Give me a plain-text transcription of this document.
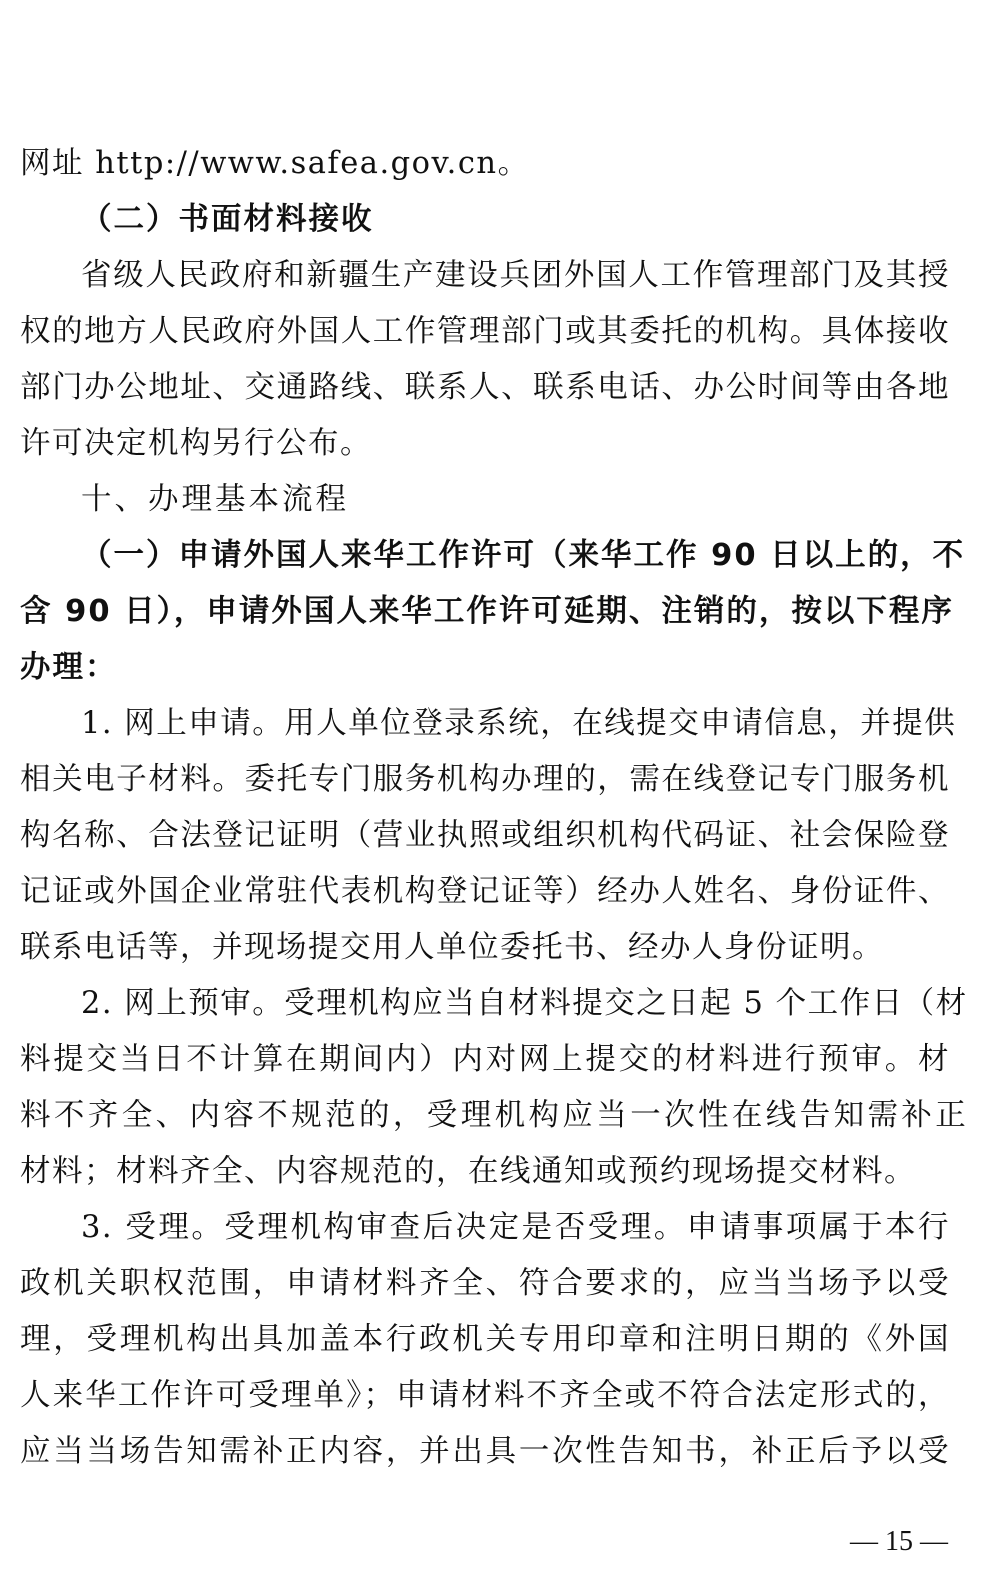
网址 http://www.safea.gov.cn。
（二）书面材料接收
省级人民政府和新疆生产建设兵团外国人工作管理部门及其授
权的地方人民政府外国人工作管理部门或其委托的机构。具体接收
部门办公地址、交通路线、联系人、联系电话、办公时间等由各地
许可决定机构另行公布。
十、办理基本流程
（一）申请外国人来华工作许可（来华工作 90 日以上的，不
含 90 日），申请外国人来华工作许可延期、注销的，按以下程序
办理：
1. 网上申请。用人单位登录系统，在线提交申请信息，并提供
相关电子材料。委托专门服务机构办理的，需在线登记专门服务机
构名称、合法登记证明（营业执照或组织机构代码证、社会保险登
记证或外国企业常驻代表机构登记证等）经办人姓名、身份证件、
联系电话等，并现场提交用人单位委托书、经办人身份证明。
2. 网上预审。受理机构应当自材料提交之日起 5 个工作日（材
料提交当日不计算在期间内）内对网上提交的材料进行预审。材
料不齐全、内容不规范的，受理机构应当一次性在线告知需补正
材料；材料齐全、内容规范的，在线通知或预约现场提交材料。
3. 受理。受理机构审查后决定是否受理。申请事项属于本行
政机关职权范围，申请材料齐全、符合要求的，应当当场予以受
理，受理机构出具加盖本行政机关专用印章和注明日期的《外国
人来华工作许可受理单》；申请材料不齐全或不符合法定形式的，
应当当场告知需补正内容，并出具一次性告知书，补正后予以受
— 15 —
